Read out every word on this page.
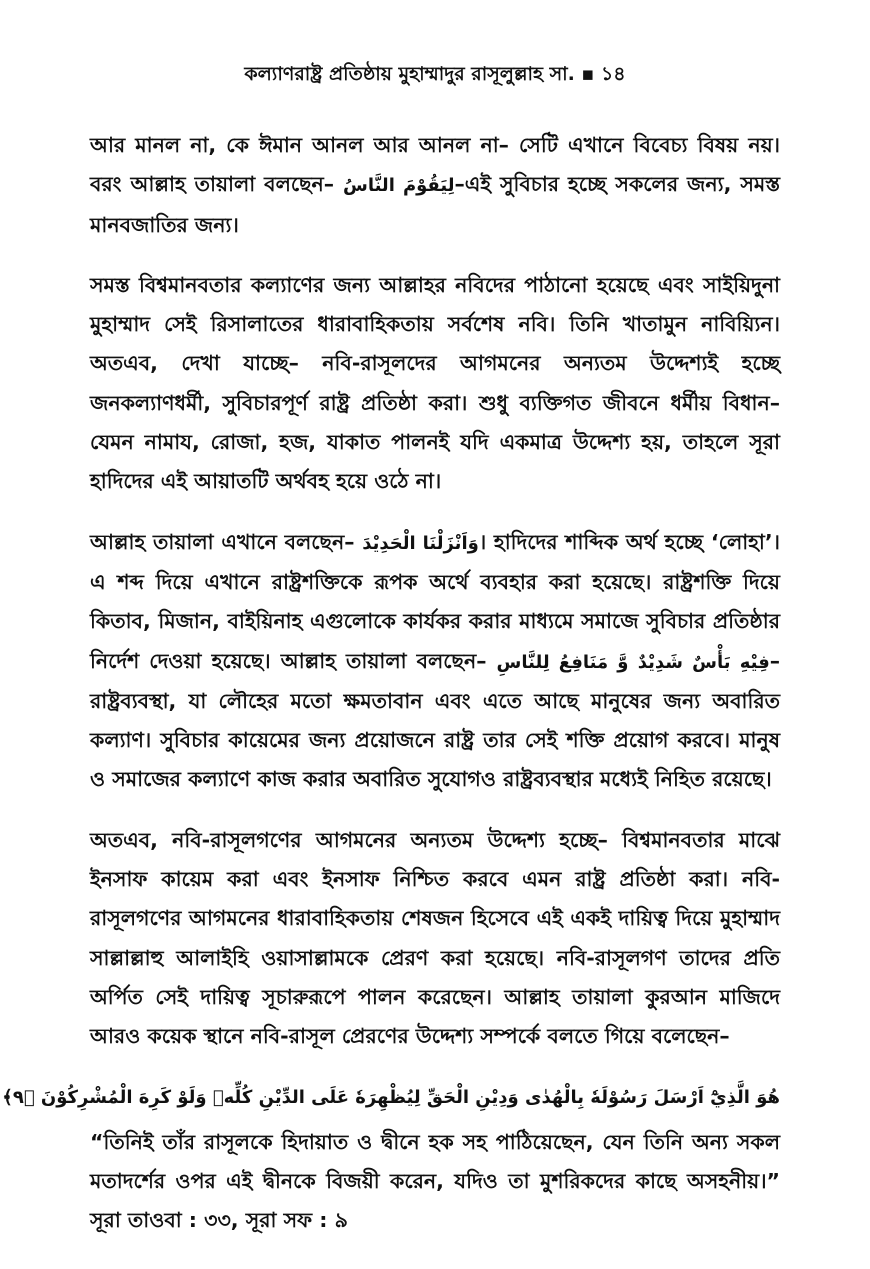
কল্যাণরাষ্ট্র প্রতিষ্ঠায় মুহাম্মাদুর রাসূলুল্লাহ সা. ▪ ১৪

আর মানল না, কে ঈমান আনল আর আনল না– সেটি এখানে বিবেচ্য বিষয় নয়। বরং আল্লাহ তায়ালা বলছেন– لِيَقُوْمَ النَّاسُ–এই সুবিচার হচ্ছে সকলের জন্য, সমস্ত মানবজাতির জন্য।

সমস্ত বিশ্বমানবতার কল্যাণের জন্য আল্লাহর নবিদের পাঠানো হয়েছে এবং সাইয়িদুনা মুহাম্মাদ সেই রিসালাতের ধারাবাহিকতায় সর্বশেষ নবি। তিনি খাতামুন নাবিয়্যিন। অতএব, দেখা যাচ্ছে– নবি-রাসূলদের আগমনের অন্যতম উদ্দেশ্যই হচ্ছে জনকল্যাণধর্মী, সুবিচারপূর্ণ রাষ্ট্র প্রতিষ্ঠা করা। শুধু ব্যক্তিগত জীবনে ধর্মীয় বিধান– যেমন নামায, রোজা, হজ, যাকাত পালনই যদি একমাত্র উদ্দেশ্য হয়, তাহলে সূরা হাদিদের এই আয়াতটি অর্থবহ হয়ে ওঠে না।

আল্লাহ তায়ালা এখানে বলছেন– وَاَنْزَلْنَا الْحَدِيْدَ। হাদিদের শাব্দিক অর্থ হচ্ছে ‘লোহা’। এ শব্দ দিয়ে এখানে রাষ্ট্রশক্তিকে রূপক অর্থে ব্যবহার করা হয়েছে। রাষ্ট্রশক্তি দিয়ে কিতাব, মিজান, বাইয়িনাহ এগুলোকে কার্যকর করার মাধ্যমে সমাজে সুবিচার প্রতিষ্ঠার নির্দেশ দেওয়া হয়েছে। আল্লাহ তায়ালা বলছেন– فِيْهِ بَأْسٌ شَدِيْدٌ وَّ مَنَافِعُ لِلنَّاسِ–রাষ্ট্রব্যবস্থা, যা লৌহের মতো ক্ষমতাবান এবং এতে আছে মানুষের জন্য অবারিত কল্যাণ। সুবিচার কায়েমের জন্য প্রয়োজনে রাষ্ট্র তার সেই শক্তি প্রয়োগ করবে। মানুষ ও সমাজের কল্যাণে কাজ করার অবারিত সুযোগও রাষ্ট্রব্যবস্থার মধ্যেই নিহিত রয়েছে।

অতএব, নবি-রাসূলগণের আগমনের অন্যতম উদ্দেশ্য হচ্ছে– বিশ্বমানবতার মাঝে ইনসাফ কায়েম করা এবং ইনসাফ নিশ্চিত করবে এমন রাষ্ট্র প্রতিষ্ঠা করা। নবি-রাসূলগণের আগমনের ধারাবাহিকতায় শেষজন হিসেবে এই একই দায়িত্ব দিয়ে মুহাম্মাদ সাল্লাল্লাহু আলাইহি ওয়াসাল্লামকে প্রেরণ করা হয়েছে। নবি-রাসূলগণ তাদের প্রতি অর্পিত সেই দায়িত্ব সূচারুরূপে পালন করেছেন। আল্লাহ তায়ালা কুরআন মাজিদে আরও কয়েক স্থানে নবি-রাসূল প্রেরণের উদ্দেশ্য সম্পর্কে বলতে গিয়ে বলেছেন–

هُوَ الَّذِيْٓ اَرْسَلَ رَسُوْلَهٗ بِالْهُدٰى وَدِيْنِ الْحَقِّ لِيُظْهِرَهٗ عَلَى الدِّيْنِ كُلِّهٖ وَلَوْ كَرِهَ الْمُشْرِكُوْنَ ﴿۹﴾

“তিনিই তাঁর রাসূলকে হিদায়াত ও দ্বীনে হক সহ পাঠিয়েছেন, যেন তিনি অন্য সকল মতাদর্শের ওপর এই দ্বীনকে বিজয়ী করেন, যদিও তা মুশরিকদের কাছে অসহনীয়।” সূরা তাওবা : ৩৩, সূরা সফ : ৯
